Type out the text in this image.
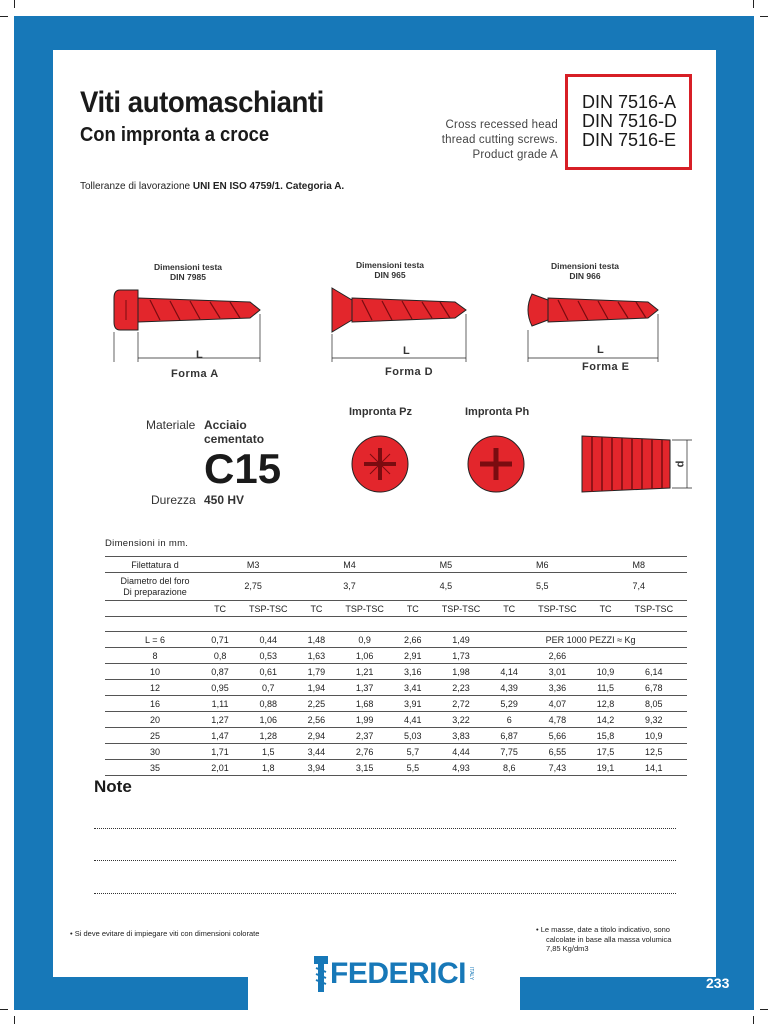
Viti automaschianti
Con impronta a croce	Cross recessed head
thread cutting screws.
Product grade A
DIN 7516-A
DIN 7516-D
DIN 7516-E
Tolleranze di lavorazione UNI EN ISO 4759/1. Categoria A.
Dimensioni testa
DIN 7985
Dimensioni testa
DIN 965
Dimensioni testa
DIN 966
L	L	L
Forma A	Forma D	Forma E
Materiale Acciaio
cementato
C15
Durezza 450 HV
Impronta Pz	Impronta Ph
d
Dimensioni in mm.
Filettatura d	M3		M4		M5		M6		M8	

Diametro del foro
Di preparazione	2,75		3,7		4,5		5,5		7,4	
	TC	TSP-TSC	TC	TSP-TSC	TC	TSP-TSC	TC	TSP-TSC	TC	TSP-TSC

L = 6	0,71	0,44	1,48	0,9	2,66	1,49	PER 1000 PEZZI ≈ Kg			
8	0,8	0,53	1,63	1,06	2,91	1,73		2,66		
10	0,87	0,61	1,79	1,21	3,16	1,98	4,14	3,01	10,9	6,14
12	0,95	0,7	1,94	1,37	3,41	2,23	4,39	3,36	11,5	6,78
16	1,11	0,88	2,25	1,68	3,91	2,72	5,29	4,07	12,8	8,05
20	1,27	1,06	2,56	1,99	4,41	3,22	6	4,78	14,2	9,32
25	1,47	1,28	2,94	2,37	5,03	3,83	6,87	5,66	15,8	10,9
30	1,71	1,5	3,44	2,76	5,7	4,44	7,75	6,55	17,5	12,5
35	2,01	1,8	3,94	3,15	5,5	4,93	8,6	7,43	19,1	14,1
Note
• Si deve evitare di impiegare viti con dimensioni colorate	• Le masse, date a titolo indicativo, sono
calcolate in base alla massa volumica
7,85 Kg/dm3
FEDERICI ITALY
233
